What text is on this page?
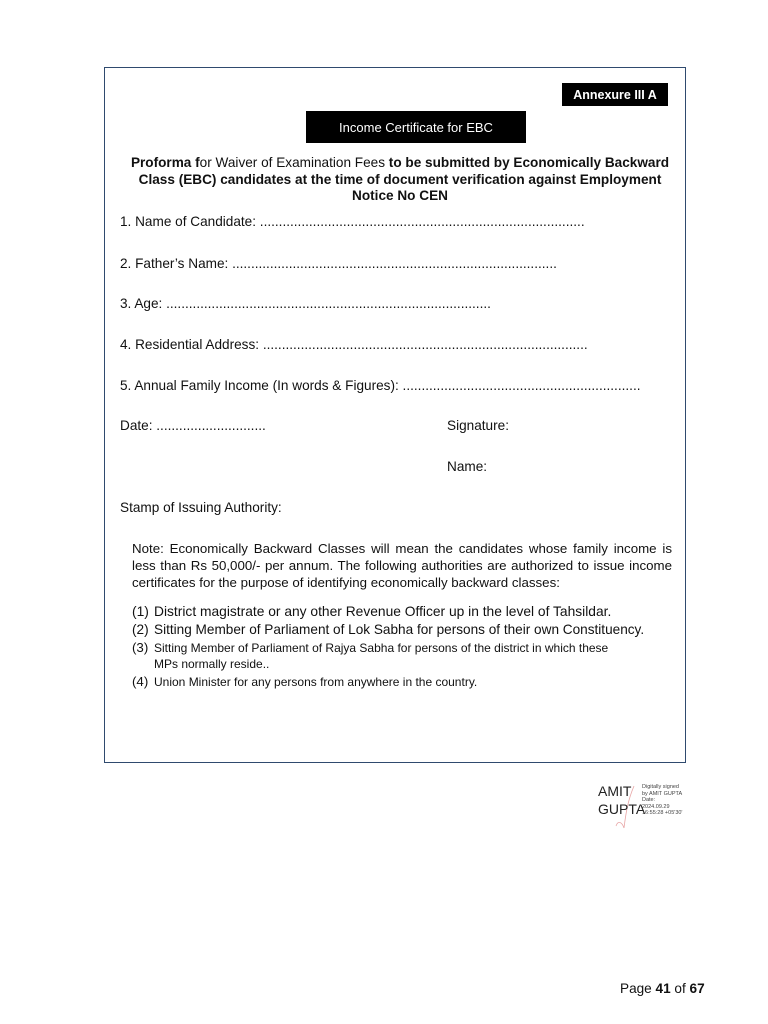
Annexure III A
Income Certificate for EBC
Proforma for Waiver of Examination Fees to be submitted by Economically Backward Class (EBC) candidates at the time of document verification against Employment Notice No CEN
1. Name of Candidate: ......................................................................................
2. Father’s Name: ......................................................................................
3. Age: ......................................................................................
4. Residential Address: ......................................................................................
5. Annual Family Income (In words & Figures): ...............................................................
Date: .............................	Signature:
Name:
Stamp of Issuing Authority:
Note: Economically Backward Classes will mean the candidates whose family income is less than Rs 50,000/- per annum. The following authorities are authorized to issue income certificates for the purpose of identifying economically backward classes:
(1) District magistrate or any other Revenue Officer up in the level of Tahsildar.
(2) Sitting Member of Parliament of Lok Sabha for persons of their own Constituency.
(3) Sitting Member of Parliament of Rajya Sabha for persons of the district in which these
MPs normally reside..
(4) Union Minister for any persons from anywhere in the country.
AMIT
GUPTA
Digitally signed
by AMIT GUPTA
Date:
2024.09.29
16:55:28 +05'30'
Page 41 of 67
